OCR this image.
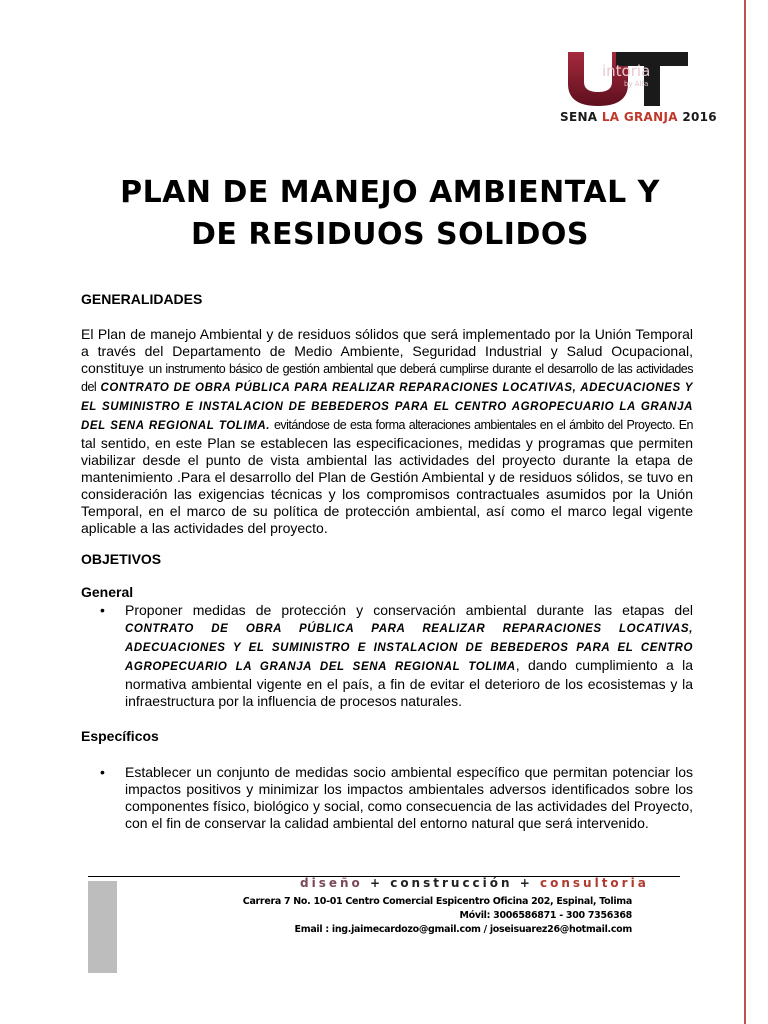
intoria
by Alfa
SENA LA GRANJA 2016
PLAN DE MANEJO AMBIENTAL Y
DE RESIDUOS SOLIDOS
GENERALIDADES

El Plan de manejo Ambiental y de residuos sólidos que será implementado por la Unión Temporal a través del Departamento de Medio Ambiente, Seguridad Industrial y Salud Ocupacional, constituye un instrumento básico de gestión ambiental que deberá cumplirse durante el desarrollo de las actividades del CONTRATO DE OBRA PÚBLICA PARA REALIZAR REPARACIONES LOCATIVAS, ADECUACIONES Y EL SUMINISTRO E INSTALACION DE BEBEDEROS PARA EL CENTRO AGROPECUARIO LA GRANJA DEL SENA REGIONAL TOLIMA. evitándose de esta forma alteraciones ambientales en el ámbito del Proyecto. En tal sentido, en este Plan se establecen las especificaciones, medidas y programas que permiten viabilizar desde el punto de vista ambiental las actividades del proyecto durante la etapa de mantenimiento .Para el desarrollo del Plan de Gestión Ambiental y de residuos sólidos, se tuvo en consideración las exigencias técnicas y los compromisos contractuales asumidos por la Unión Temporal, en el marco de su política de protección ambiental, así como el marco legal vigente aplicable a las actividades del proyecto.

OBJETIVOS
General
• Proponer medidas de protección y conservación ambiental durante las etapas del CONTRATO DE OBRA PÚBLICA PARA REALIZAR REPARACIONES LOCATIVAS, ADECUACIONES Y EL SUMINISTRO E INSTALACION DE BEBEDEROS PARA EL CENTRO AGROPECUARIO LA GRANJA DEL SENA REGIONAL TOLIMA, dando cumplimiento a la normativa ambiental vigente en el país, a fin de evitar el deterioro de los ecosistemas y la infraestructura por la influencia de procesos naturales.

Específicos
• Establecer un conjunto de medidas socio ambiental específico que permitan potenciar los impactos positivos y minimizar los impactos ambientales adversos identificados sobre los componentes físico, biológico y social, como consecuencia de las actividades del Proyecto, con el fin de conservar la calidad ambiental del entorno natural que será intervenido.

diseño + construcción + consultoria
Carrera 7 No. 10-01 Centro Comercial Espicentro Oficina 202, Espinal, Tolima
Móvil: 3006586871 - 300 7356368
Email : ing.jaimecardozo@gmail.com / joseisuarez26@hotmail.com
